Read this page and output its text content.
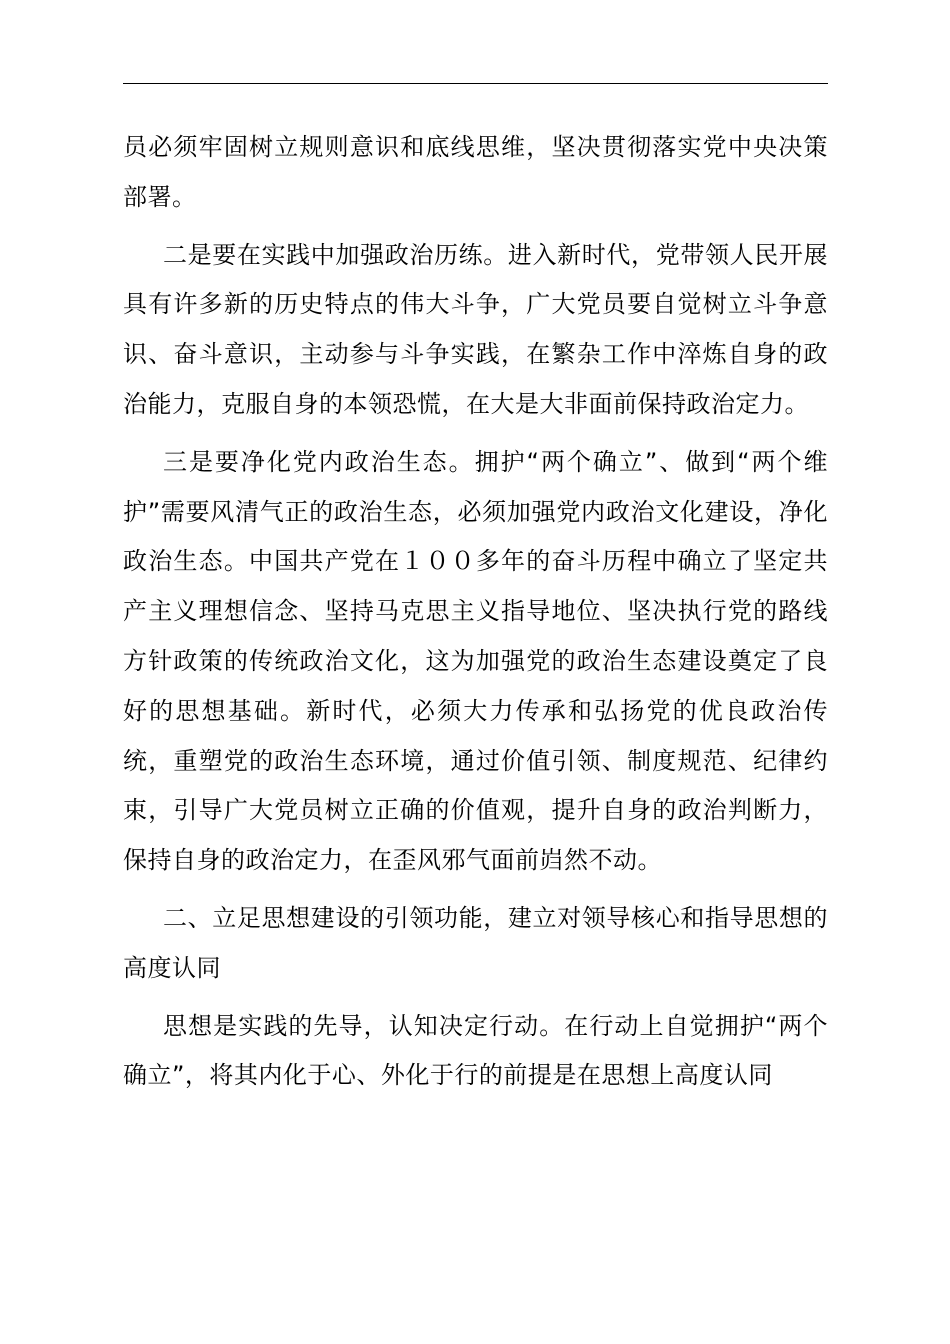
员必须牢固树立规则意识和底线思维，坚决贯彻落实党中央决策部署。

二是要在实践中加强政治历练。进入新时代，党带领人民开展具有许多新的历史特点的伟大斗争，广大党员要自觉树立斗争意识、奋斗意识，主动参与斗争实践，在繁杂工作中淬炼自身的政治能力，克服自身的本领恐慌，在大是大非面前保持政治定力。

三是要净化党内政治生态。拥护“两个确立”、做到“两个维护”需要风清气正的政治生态，必须加强党内政治文化建设，净化政治生态。中国共产党在１００多年的奋斗历程中确立了坚定共产主义理想信念、坚持马克思主义指导地位、坚决执行党的路线方针政策的传统政治文化，这为加强党的政治生态建设奠定了良好的思想基础。新时代，必须大力传承和弘扬党的优良政治传统，重塑党的政治生态环境，通过价值引领、制度规范、纪律约束，引导广大党员树立正确的价值观，提升自身的政治判断力，保持自身的政治定力，在歪风邪气面前岿然不动。

二、立足思想建设的引领功能，建立对领导核心和指导思想的高度认同

思想是实践的先导，认知决定行动。在行动上自觉拥护“两个确立”，将其内化于心、外化于行的前提是在思想上高度认同
